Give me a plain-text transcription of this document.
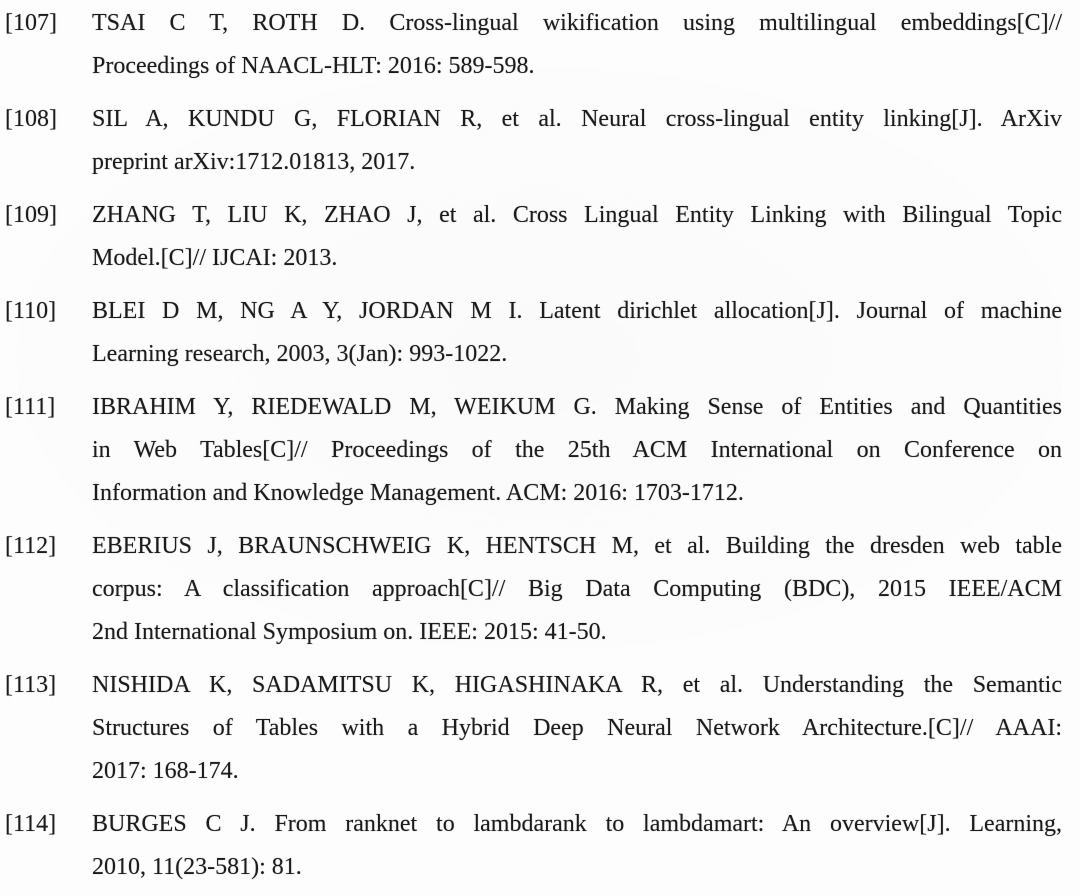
[107]	TSAI C T, ROTH D. Cross-lingual wikification using multilingual embeddings[C]//
Proceedings of NAACL-HLT: 2016: 589-598.
[108]	SIL A, KUNDU G, FLORIAN R, et al. Neural cross-lingual entity linking[J]. ArXiv
preprint arXiv:1712.01813, 2017.
[109]	ZHANG T, LIU K, ZHAO J, et al. Cross Lingual Entity Linking with Bilingual Topic
Model.[C]// IJCAI: 2013.
[110]	BLEI D M, NG A Y, JORDAN M I. Latent dirichlet allocation[J]. Journal of machine
Learning research, 2003, 3(Jan): 993-1022.
[111]	IBRAHIM Y, RIEDEWALD M, WEIKUM G. Making Sense of Entities and Quantities
in Web Tables[C]// Proceedings of the 25th ACM International on Conference on
Information and Knowledge Management. ACM: 2016: 1703-1712.
[112]	EBERIUS J, BRAUNSCHWEIG K, HENTSCH M, et al. Building the dresden web table
corpus: A classification approach[C]// Big Data Computing (BDC), 2015 IEEE/ACM
2nd International Symposium on. IEEE: 2015: 41-50.
[113]	NISHIDA K, SADAMITSU K, HIGASHINAKA R, et al. Understanding the Semantic
Structures of Tables with a Hybrid Deep Neural Network Architecture.[C]// AAAI:
2017: 168-174.
[114]	BURGES C J. From ranknet to lambdarank to lambdamart: An overview[J]. Learning,
2010, 11(23-581): 81.
